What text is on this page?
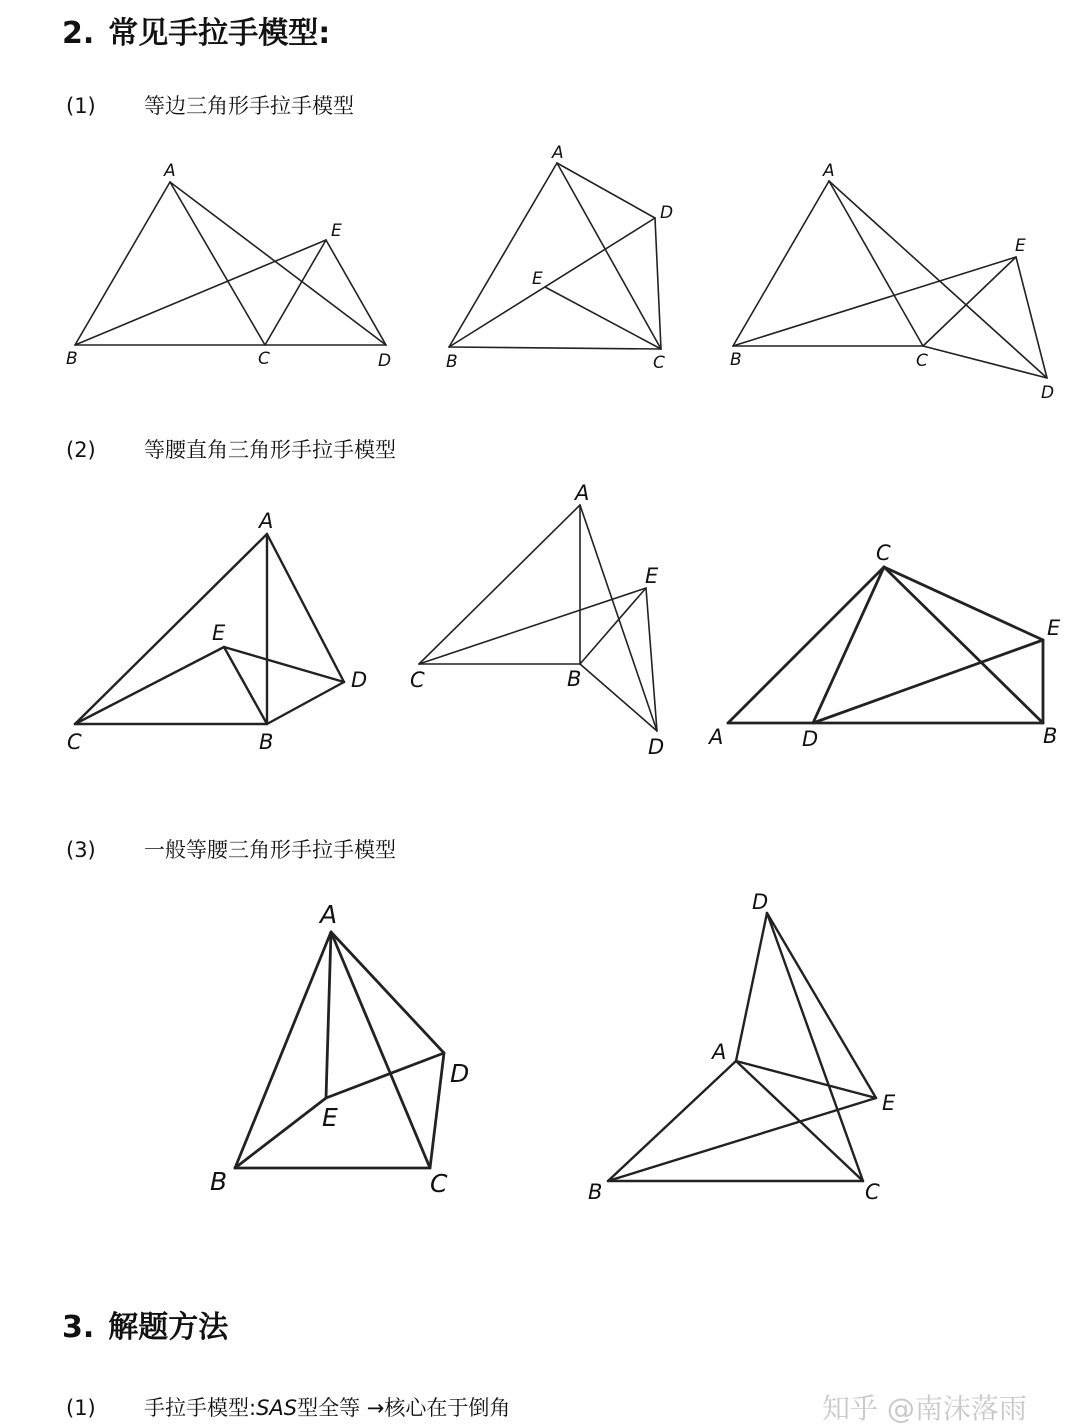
2. 常见手拉手模型:
(1) 等边三角形手拉手模型
(2) 等腰直角三角形手拉手模型
(3) 一般等腰三角形手拉手模型
3. 解题方法
(1) 手拉手模型:SAS型全等 →核心在于倒角	知乎 @南沫落雨
A
B	C	D
E
A
B	C
D
E
A
B	C
D
E
A
B
C
D
E
A
B
C
D
E
A	B
C
D
E
A
B	C
D
E
A
B	C
D
E
